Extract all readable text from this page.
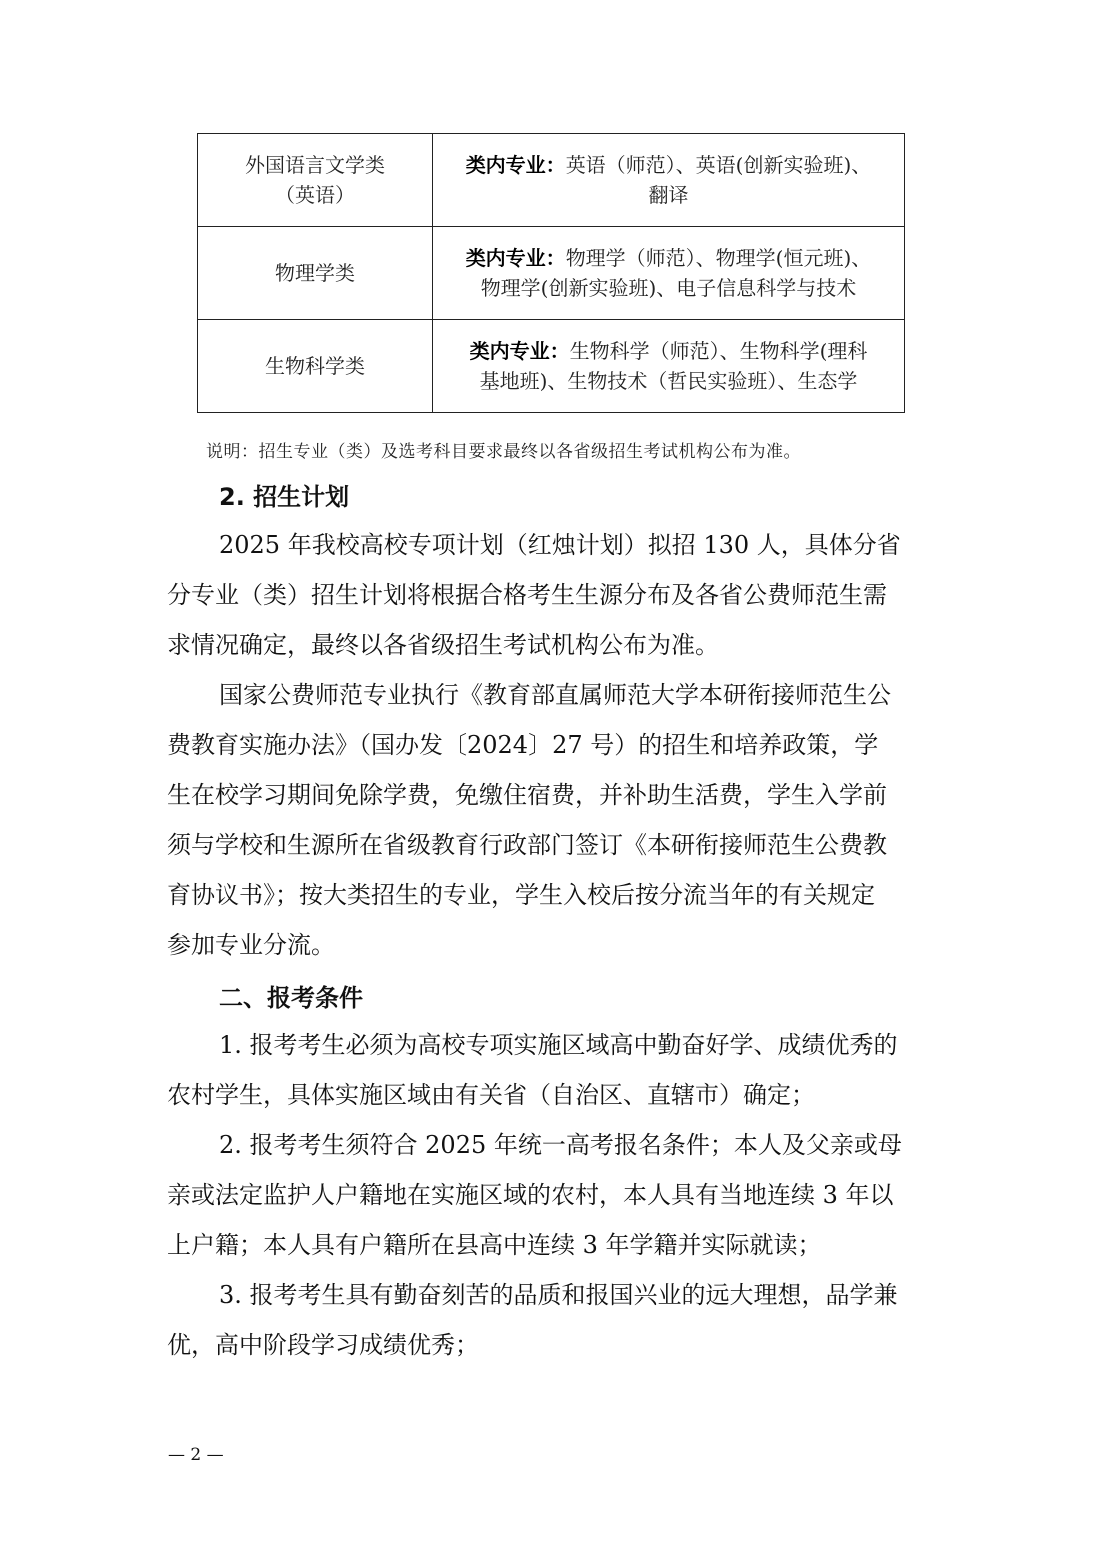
外国语言文学类
（英语）	类内专业：英语（师范）、英语(创新实验班)、
翻译

物理学类	类内专业：物理学（师范）、物理学(恒元班)、
物理学(创新实验班)、电子信息科学与技术

生物科学类	类内专业：生物科学（师范）、生物科学(理科
基地班)、生物技术（哲民实验班）、生态学
说明：招生专业（类）及选考科目要求最终以各省级招生考试机构公布为准。
2. 招生计划
2025 年我校高校专项计划（红烛计划）拟招 130 人，具体分省
分专业（类）招生计划将根据合格考生生源分布及各省公费师范生需
求情况确定，最终以各省级招生考试机构公布为准。
国家公费师范专业执行《教育部直属师范大学本研衔接师范生公
费教育实施办法》（国办发〔2024〕27 号）的招生和培养政策，学
生在校学习期间免除学费，免缴住宿费，并补助生活费，学生入学前
须与学校和生源所在省级教育行政部门签订《本研衔接师范生公费教
育协议书》；按大类招生的专业，学生入校后按分流当年的有关规定
参加专业分流。
二、报考条件
1. 报考考生必须为高校专项实施区域高中勤奋好学、成绩优秀的
农村学生，具体实施区域由有关省（自治区、直辖市）确定；
2. 报考考生须符合 2025 年统一高考报名条件；本人及父亲或母
亲或法定监护人户籍地在实施区域的农村，本人具有当地连续 3 年以
上户籍；本人具有户籍所在县高中连续 3 年学籍并实际就读；
3. 报考考生具有勤奋刻苦的品质和报国兴业的远大理想，品学兼
优，高中阶段学习成绩优秀；
— 2 —
